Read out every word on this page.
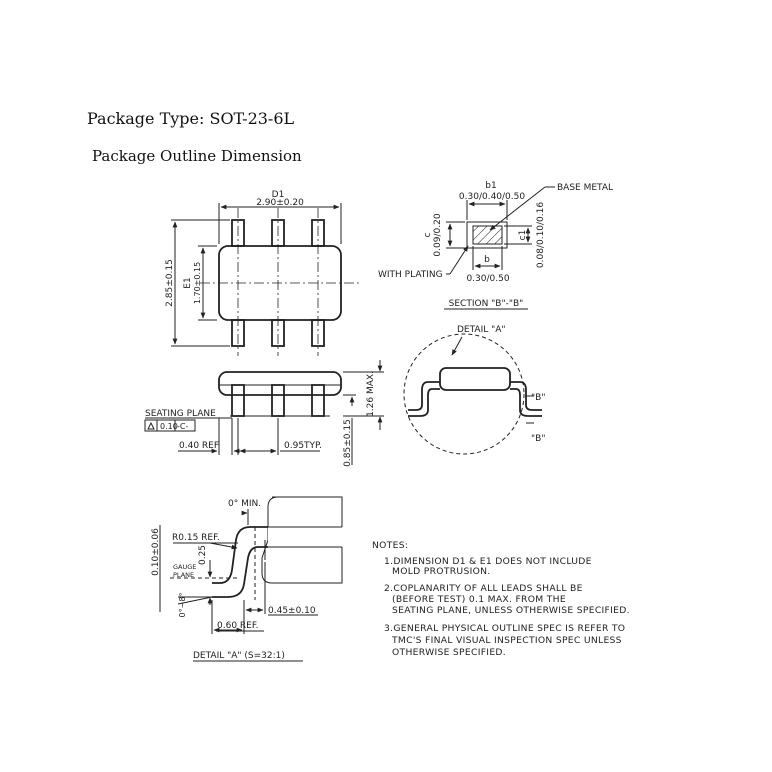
Package Type: SOT-23-6L
Package Outline Dimension
D1
2.90±0.20
2.85±0.15 E1 1.70±0.15
b1
0.30/0.40/0.50
BASE METAL
c 0.09/0.20	c1 0.08/0.10/0.16
b
0.30/0.50
WITH PLATING
SECTION "B"-"B"
1.26 MAX.
0.85±0.15
SEATING PLANE
0.10 -C-
0.40 REF.	0.95TYP.
DETAIL "A"
"B"
"B"
0° MIN.
R0.15 REF.
0.10±0.06 GAUGE
PLANE
0.25
0°~8°	0.45±0.10
0.60 REF.
DETAIL "A" (S=32:1)
NOTES:
1.DIMENSION D1 & E1 DOES NOT INCLUDE
MOLD PROTRUSION.
2.COPLANARITY OF ALL LEADS SHALL BE
(BEFORE TEST) 0.1 MAX. FROM THE
SEATING PLANE, UNLESS OTHERWISE SPECIFIED.
3.GENERAL PHYSICAL OUTLINE SPEC IS REFER TO
TMC'S FINAL VISUAL INSPECTION SPEC UNLESS
OTHERWISE SPECIFIED.
